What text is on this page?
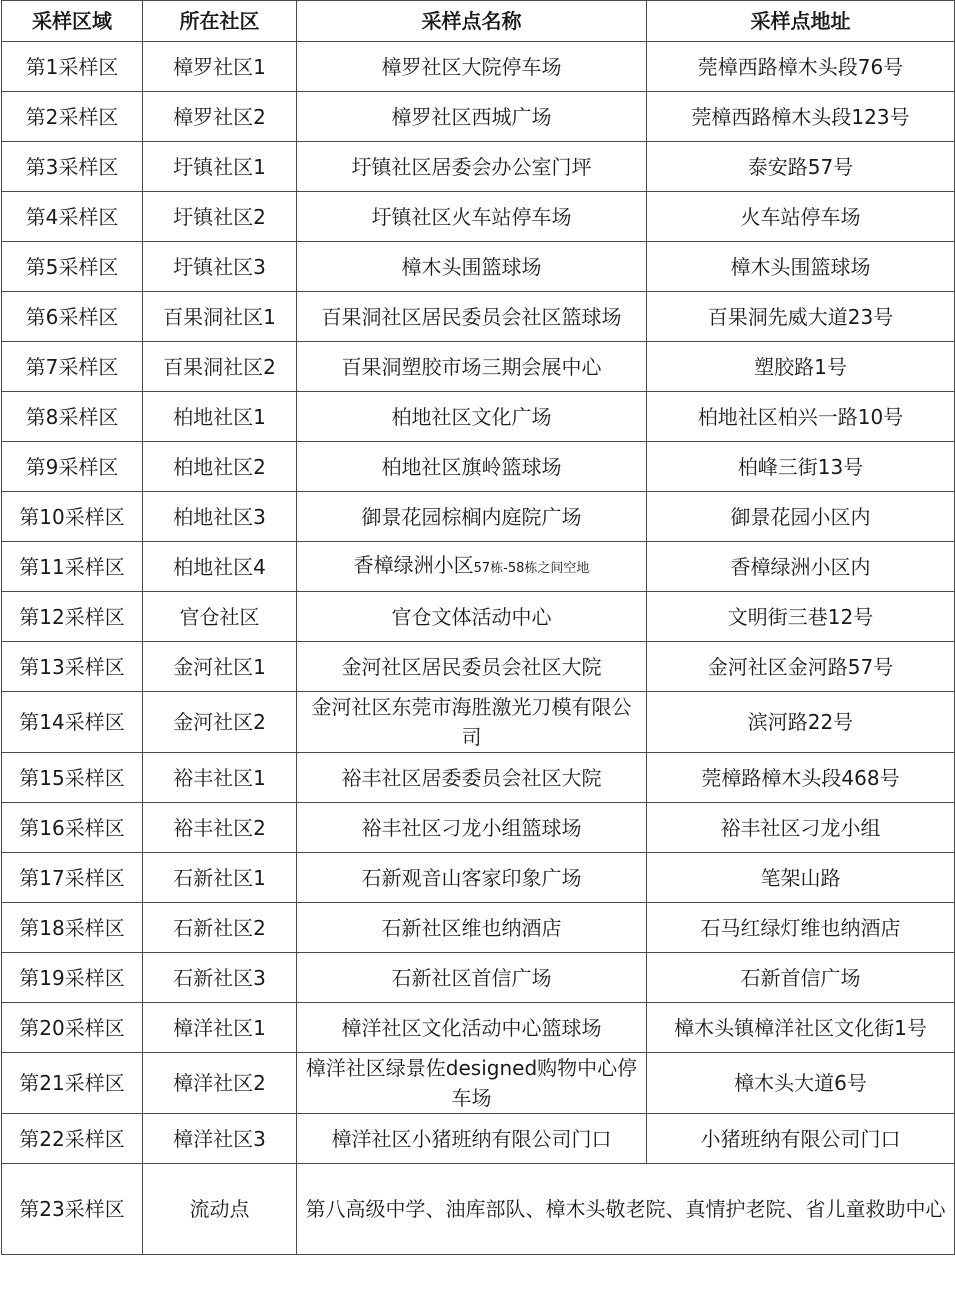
采样区域	所在社区	采样点名称	采样点地址
第1采样区	樟罗社区1	樟罗社区大院停车场	莞樟西路樟木头段76号
第2采样区	樟罗社区2	樟罗社区西城广场	莞樟西路樟木头段123号
第3采样区	圩镇社区1	圩镇社区居委会办公室门坪	泰安路57号
第4采样区	圩镇社区2	圩镇社区火车站停车场	火车站停车场
第5采样区	圩镇社区3	樟木头围篮球场	樟木头围篮球场
第6采样区	百果洞社区1	百果洞社区居民委员会社区篮球场	百果洞先威大道23号
第7采样区	百果洞社区2	百果洞塑胶市场三期会展中心	塑胶路1号
第8采样区	柏地社区1	柏地社区文化广场	柏地社区柏兴一路10号
第9采样区	柏地社区2	柏地社区旗岭篮球场	柏峰三街13号
第10采样区	柏地社区3	御景花园棕榈内庭院广场	御景花园小区内
第11采样区	柏地社区4	香樟绿洲小区57栋-58栋之间空地	香樟绿洲小区内
第12采样区	官仓社区	官仓文体活动中心	文明街三巷12号
第13采样区	金河社区1	金河社区居民委员会社区大院	金河社区金河路57号
第14采样区	金河社区2	金河社区东莞市海胜激光刀模有限公司	滨河路22号
第15采样区	裕丰社区1	裕丰社区居委委员会社区大院	莞樟路樟木头段468号
第16采样区	裕丰社区2	裕丰社区刁龙小组篮球场	裕丰社区刁龙小组
第17采样区	石新社区1	石新观音山客家印象广场	笔架山路
第18采样区	石新社区2	石新社区维也纳酒店	石马红绿灯维也纳酒店
第19采样区	石新社区3	石新社区首信广场	石新首信广场
第20采样区	樟洋社区1	樟洋社区文化活动中心篮球场	樟木头镇樟洋社区文化街1号
第21采样区	樟洋社区2	樟洋社区绿景佐designed购物中心停车场	樟木头大道6号
第22采样区	樟洋社区3	樟洋社区小猪班纳有限公司门口	小猪班纳有限公司门口
第23采样区	流动点	第八高级中学、油库部队、樟木头敬老院、真情护老院、省儿童救助中心	
